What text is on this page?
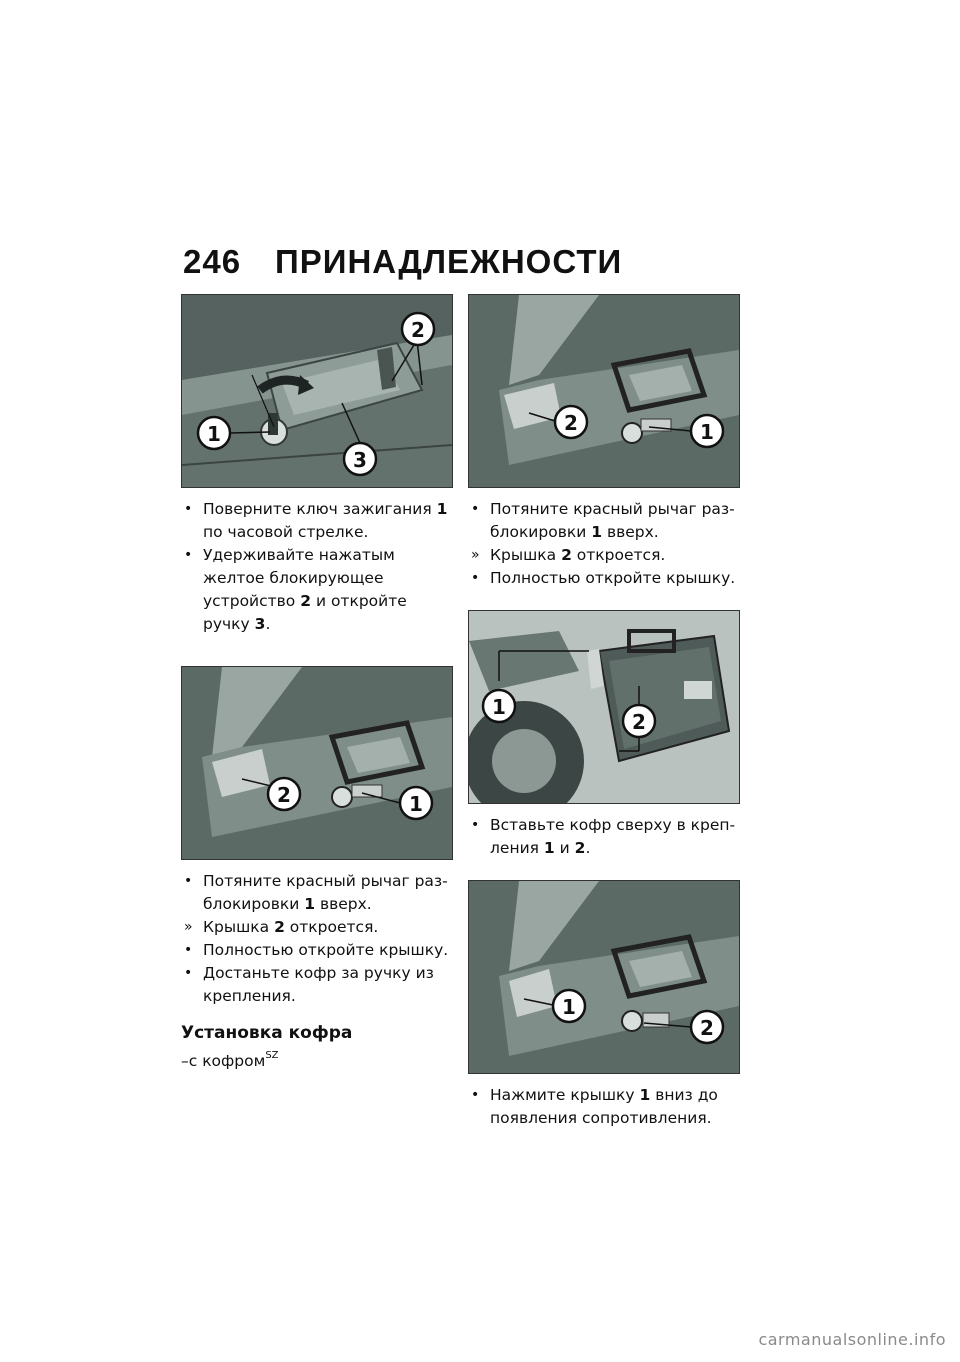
246 ПРИНАДЛЕЖНОСТИ
1
2
3
• Поверните ключ зажигания 1 по часовой стрелке.
• Удерживайте нажатым желтое блокирующее устройство 2 и откройте ручку 3.
2	1
• Потяните красный рычаг раз-блокировки 1 вверх.
» Крышка 2 откроется.
• Полностью откройте крышку.
• Достаньте кофр за ручку из крепления.
Установка кофра
–с кофром$^{SZ}$
2	1
• Потяните красный рычаг раз-блокировки 1 вверх.
» Крышка 2 откроется.
• Полностью откройте крышку.
1
2
• Вставьте кофр сверху в креп-ления 1 и 2.
1
2
• Нажмите крышку 1 вниз до появления сопротивления.
carmanualsonline.info
